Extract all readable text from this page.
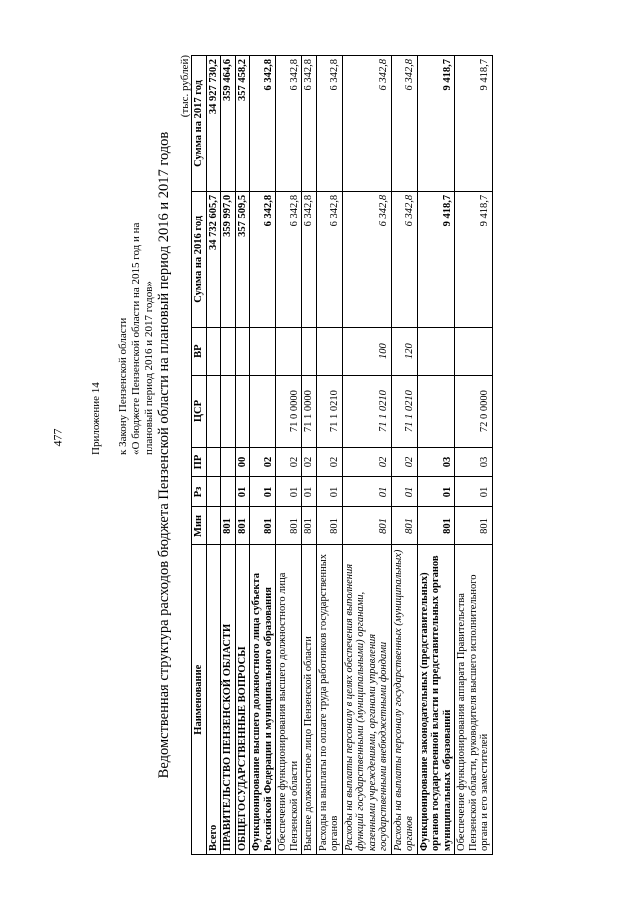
477 Приложение 14 к Закону Пензенской области «О бюджете Пензенской области на 2015 год и на плановый период 2016 и 2017 годов» Ведомственная структура расходов бюджета Пензенской области на плановый период 2016 и 2017 годов
(тыс. рублей)
Наименование	Мин	Рз	ПР	ЦСР	ВР	Сумма на 2016 год	Сумма на 2017 год
Всего						34 732 605,7	34 927 730,2
ПРАВИТЕЛЬСТВО ПЕНЗЕНСКОЙ ОБЛАСТИ	801					359 997,0	359 464,6
ОБЩЕГОСУДАРСТВЕННЫЕ ВОПРОСЫ	801	01	00			357 509,5	357 458,2
Функционирование высшего должностного лица субъекта Российской Федерации и муниципального образования	801	01	02			6 342,8	6 342,8
Обеспечение функционирования высшего должностного лица Пензенской области	801	01	02	71 0 0000		6 342,8	6 342,8
Высшее должностное лицо Пензенской области	801	01	02	71 1 0000		6 342,8	6 342,8
Расходы на выплаты по оплате труда работников государственных органов	801	01	02	71 1 0210		6 342,8	6 342,8
Расходы на выплаты персоналу в целях обеспечения выполнения функций государственными (муниципальными) органами, казенными учреждениями, органами управления государственными внебюджетными фондами	801	01	02	71 1 0210	100	6 342,8	6 342,8
Расходы на выплаты персоналу государственных (муниципальных) органов	801	01	02	71 1 0210	120	6 342,8	6 342,8
Функционирование законодательных (представительных) органов государственной власти и представительных органов муниципальных образований	801	01	03			9 418,7	9 418,7
Обеспечение функционирования аппарата Правительства Пензенской области, руководителя высшего исполнительного органа и его заместителей	801	01	03	72 0 0000		9 418,7	9 418,7
